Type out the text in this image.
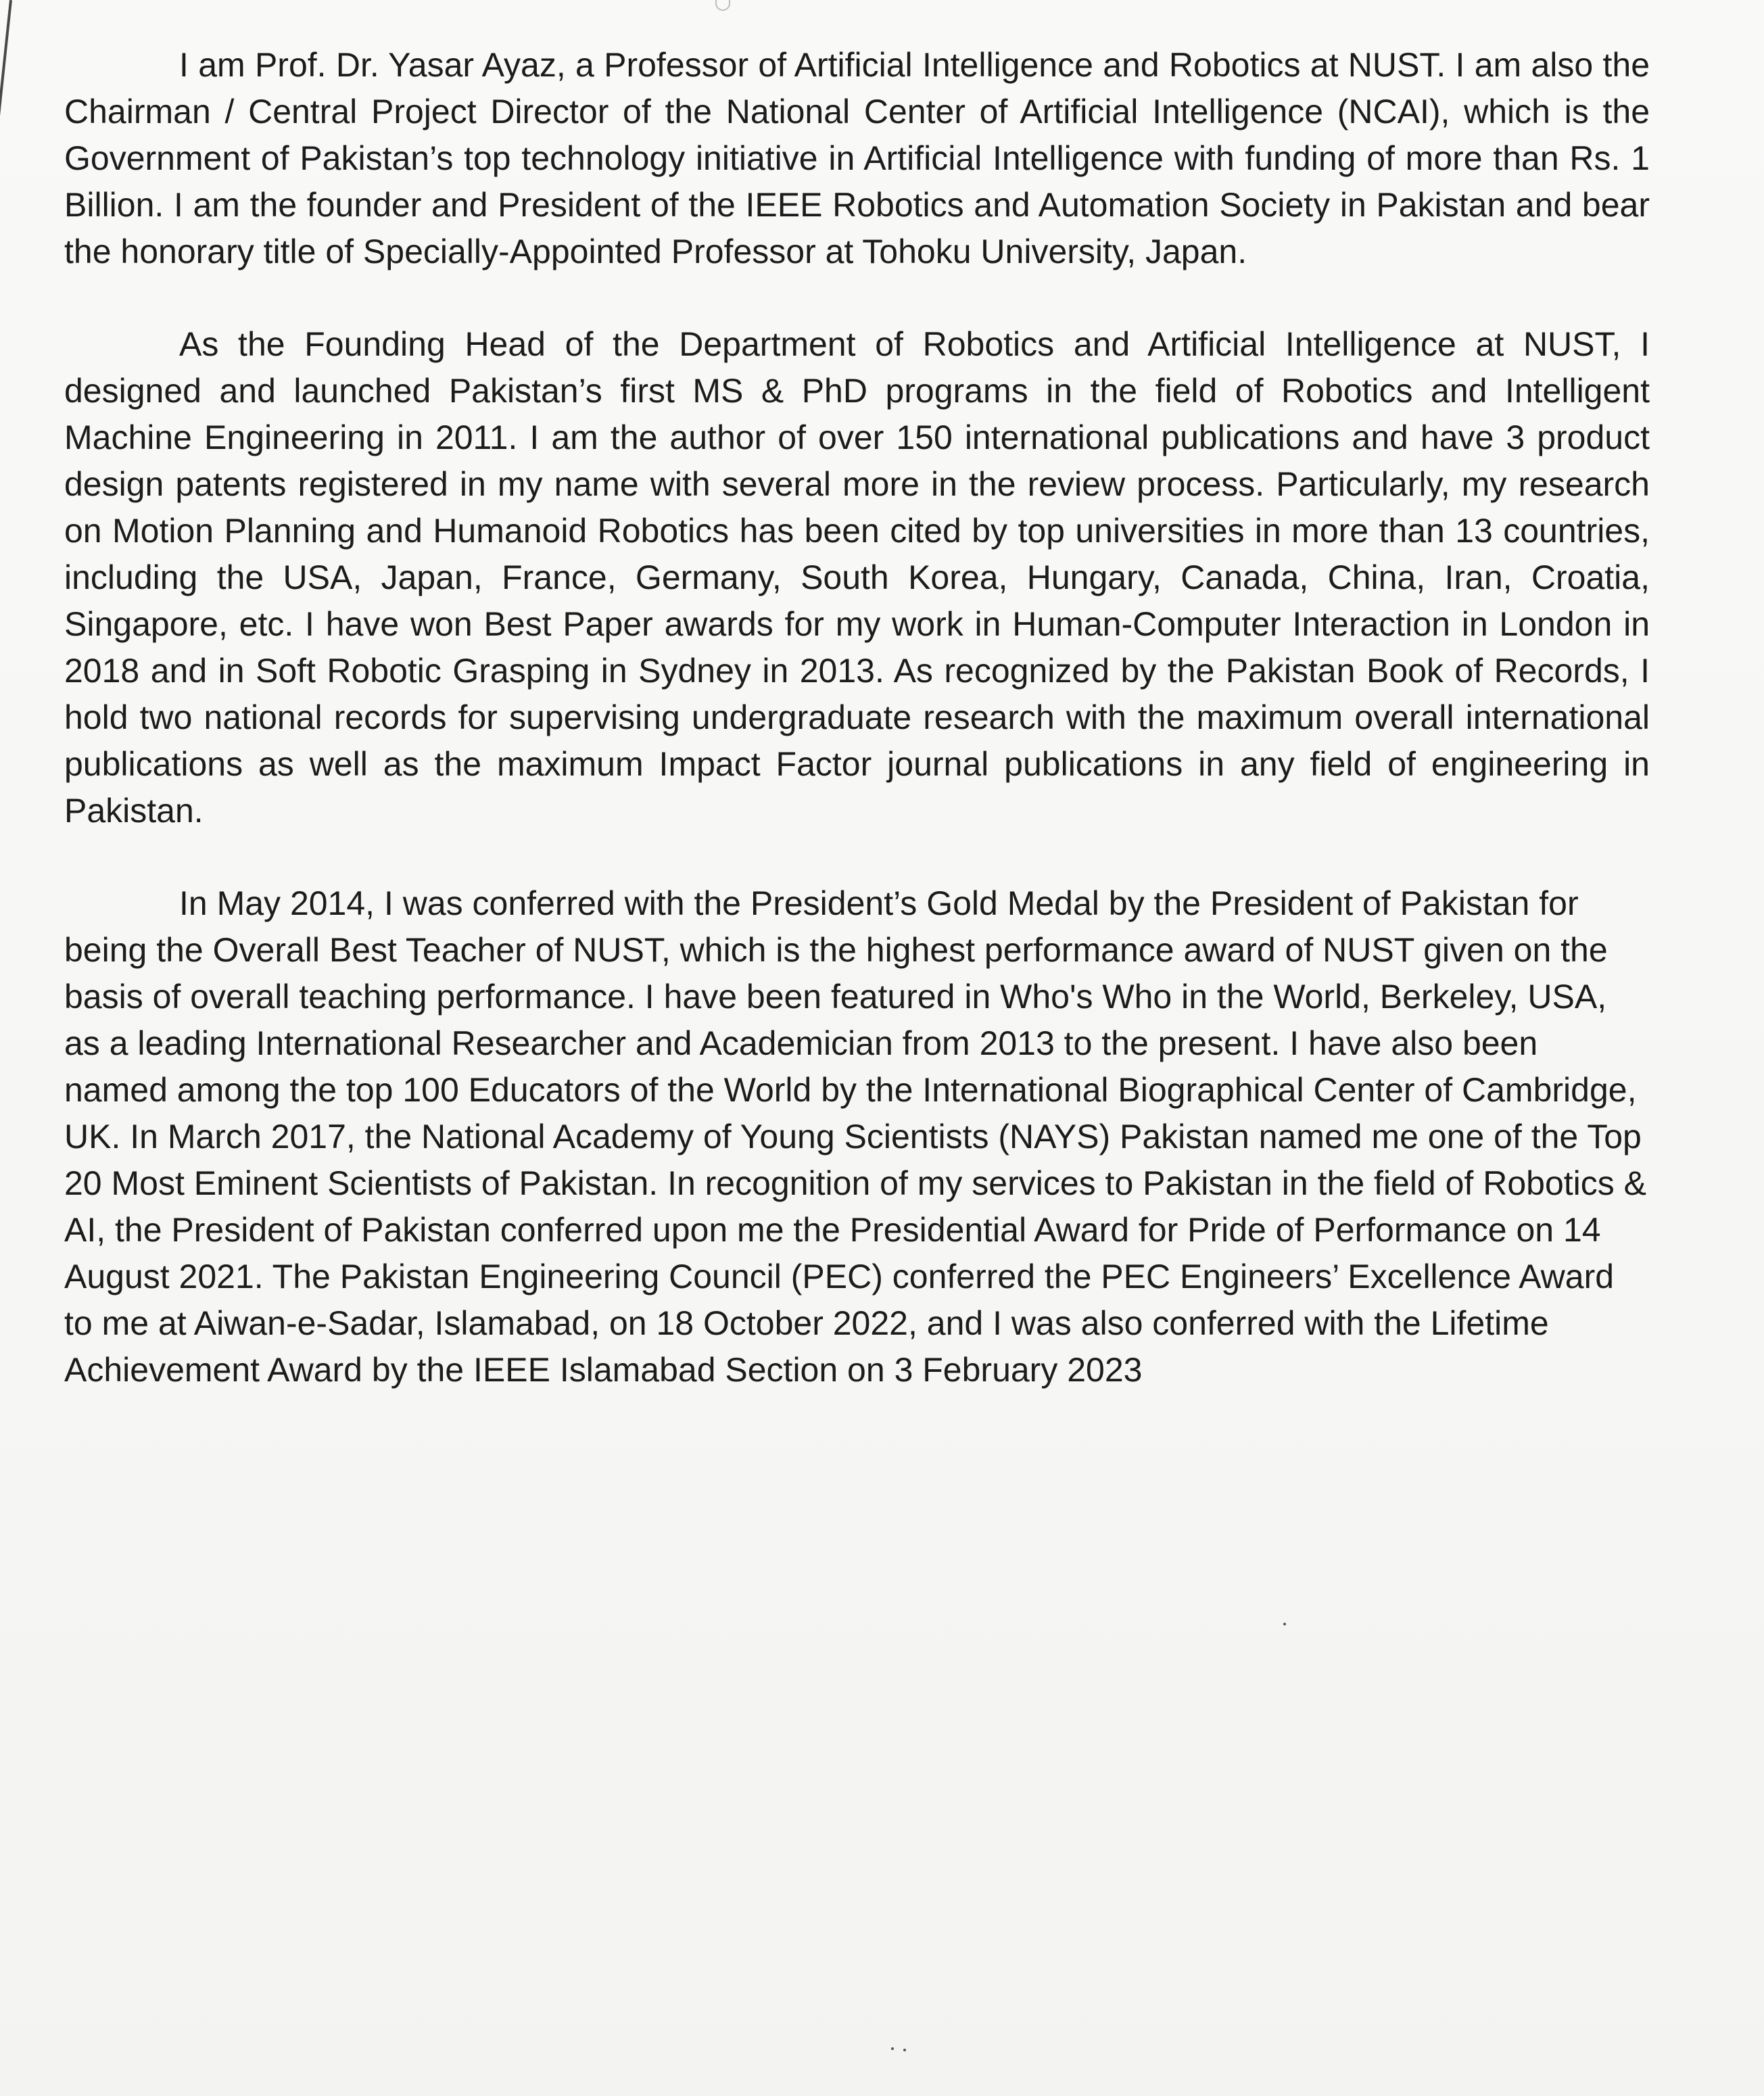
I am Prof. Dr. Yasar Ayaz, a Professor of Artificial Intelligence and Robotics at NUST. I am also the Chairman / Central Project Director of the National Center of Artificial Intelligence (NCAI), which is the Government of Pakistan’s top technology initiative in Artificial Intelligence with funding of more than Rs. 1 Billion. I am the founder and President of the IEEE Robotics and Automation Society in Pakistan and bear the honorary title of Specially-Appointed Professor at Tohoku University, Japan.

As the Founding Head of the Department of Robotics and Artificial Intelligence at NUST, I designed and launched Pakistan’s first MS & PhD programs in the field of Robotics and Intelligent Machine Engineering in 2011. I am the author of over 150 international publications and have 3 product design patents registered in my name with several more in the review process. Particularly, my research on Motion Planning and Humanoid Robotics has been cited by top universities in more than 13 countries, including the USA, Japan, France, Germany, South Korea, Hungary, Canada, China, Iran, Croatia, Singapore, etc. I have won Best Paper awards for my work in Human-Computer Interaction in London in 2018 and in Soft Robotic Grasping in Sydney in 2013. As recognized by the Pakistan Book of Records, I hold two national records for supervising undergraduate research with the maximum overall international publications as well as the maximum Impact Factor journal publications in any field of engineering in Pakistan.

In May 2014, I was conferred with the President’s Gold Medal by the President of Pakistan for being the Overall Best Teacher of NUST, which is the highest performance award of NUST given on the basis of overall teaching performance. I have been featured in Who's Who in the World, Berkeley, USA, as a leading International Researcher and Academician from 2013 to the present. I have also been named among the top 100 Educators of the World by the International Biographical Center of Cambridge, UK. In March 2017, the National Academy of Young Scientists (NAYS) Pakistan named me one of the Top 20 Most Eminent Scientists of Pakistan. In recognition of my services to Pakistan in the field of Robotics & AI, the President of Pakistan conferred upon me the Presidential Award for Pride of Performance on 14 August 2021. The Pakistan Engineering Council (PEC) conferred the PEC Engineers’ Excellence Award to me at Aiwan-e-Sadar, Islamabad, on 18 October 2022, and I was also conferred with the Lifetime Achievement Award by the IEEE Islamabad Section on 3 February 2023
